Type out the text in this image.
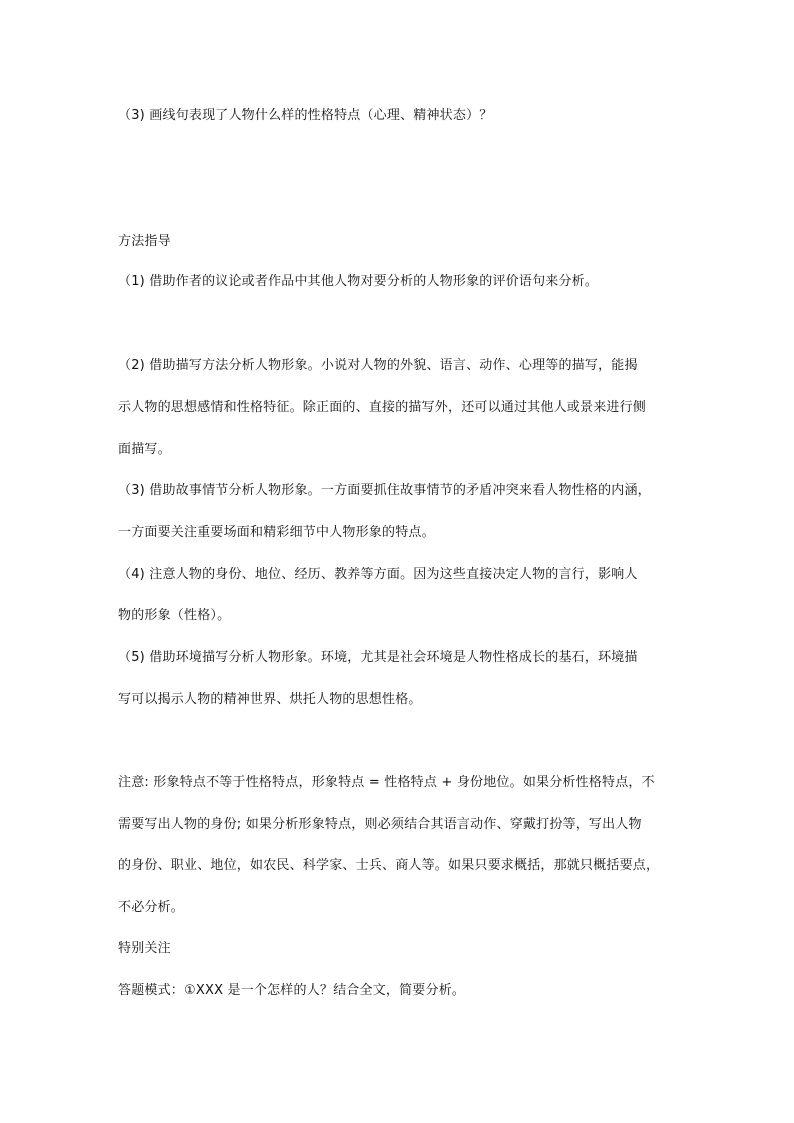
（3) 画线句表现了人物什么样的性格特点（心理、精神状态）？
方法指导
（1) 借助作者的议论或者作品中其他人物对要分析的人物形象的评价语句来分析。
（2) 借助描写方法分析人物形象。小说对人物的外貌、语言、动作、心理等的描写，能揭
示人物的思想感情和性格特征。除正面的、直接的描写外，还可以通过其他人或景来进行侧
面描写。
（3) 借助故事情节分析人物形象。一方面要抓住故事情节的矛盾冲突来看人物性格的内涵，
一方面要关注重要场面和精彩细节中人物形象的特点。
（4) 注意人物的身份、地位、经历、教养等方面。因为这些直接决定人物的言行，影响人
物的形象（性格）。
（5) 借助环境描写分析人物形象。环境，尤其是社会环境是人物性格成长的基石，环境描
写可以揭示人物的精神世界、烘托人物的思想性格。
注意: 形象特点不等于性格特点，形象特点 = 性格特点 + 身份地位。如果分析性格特点，不
需要写出人物的身份; 如果分析形象特点，则必须结合其语言动作、穿戴打扮等，写出人物
的身份、职业、地位，如农民、科学家、士兵、商人等。如果只要求概括，那就只概括要点，
不必分析。
特别关注
答题模式：①XXX 是一个怎样的人？结合全文，简要分析。
